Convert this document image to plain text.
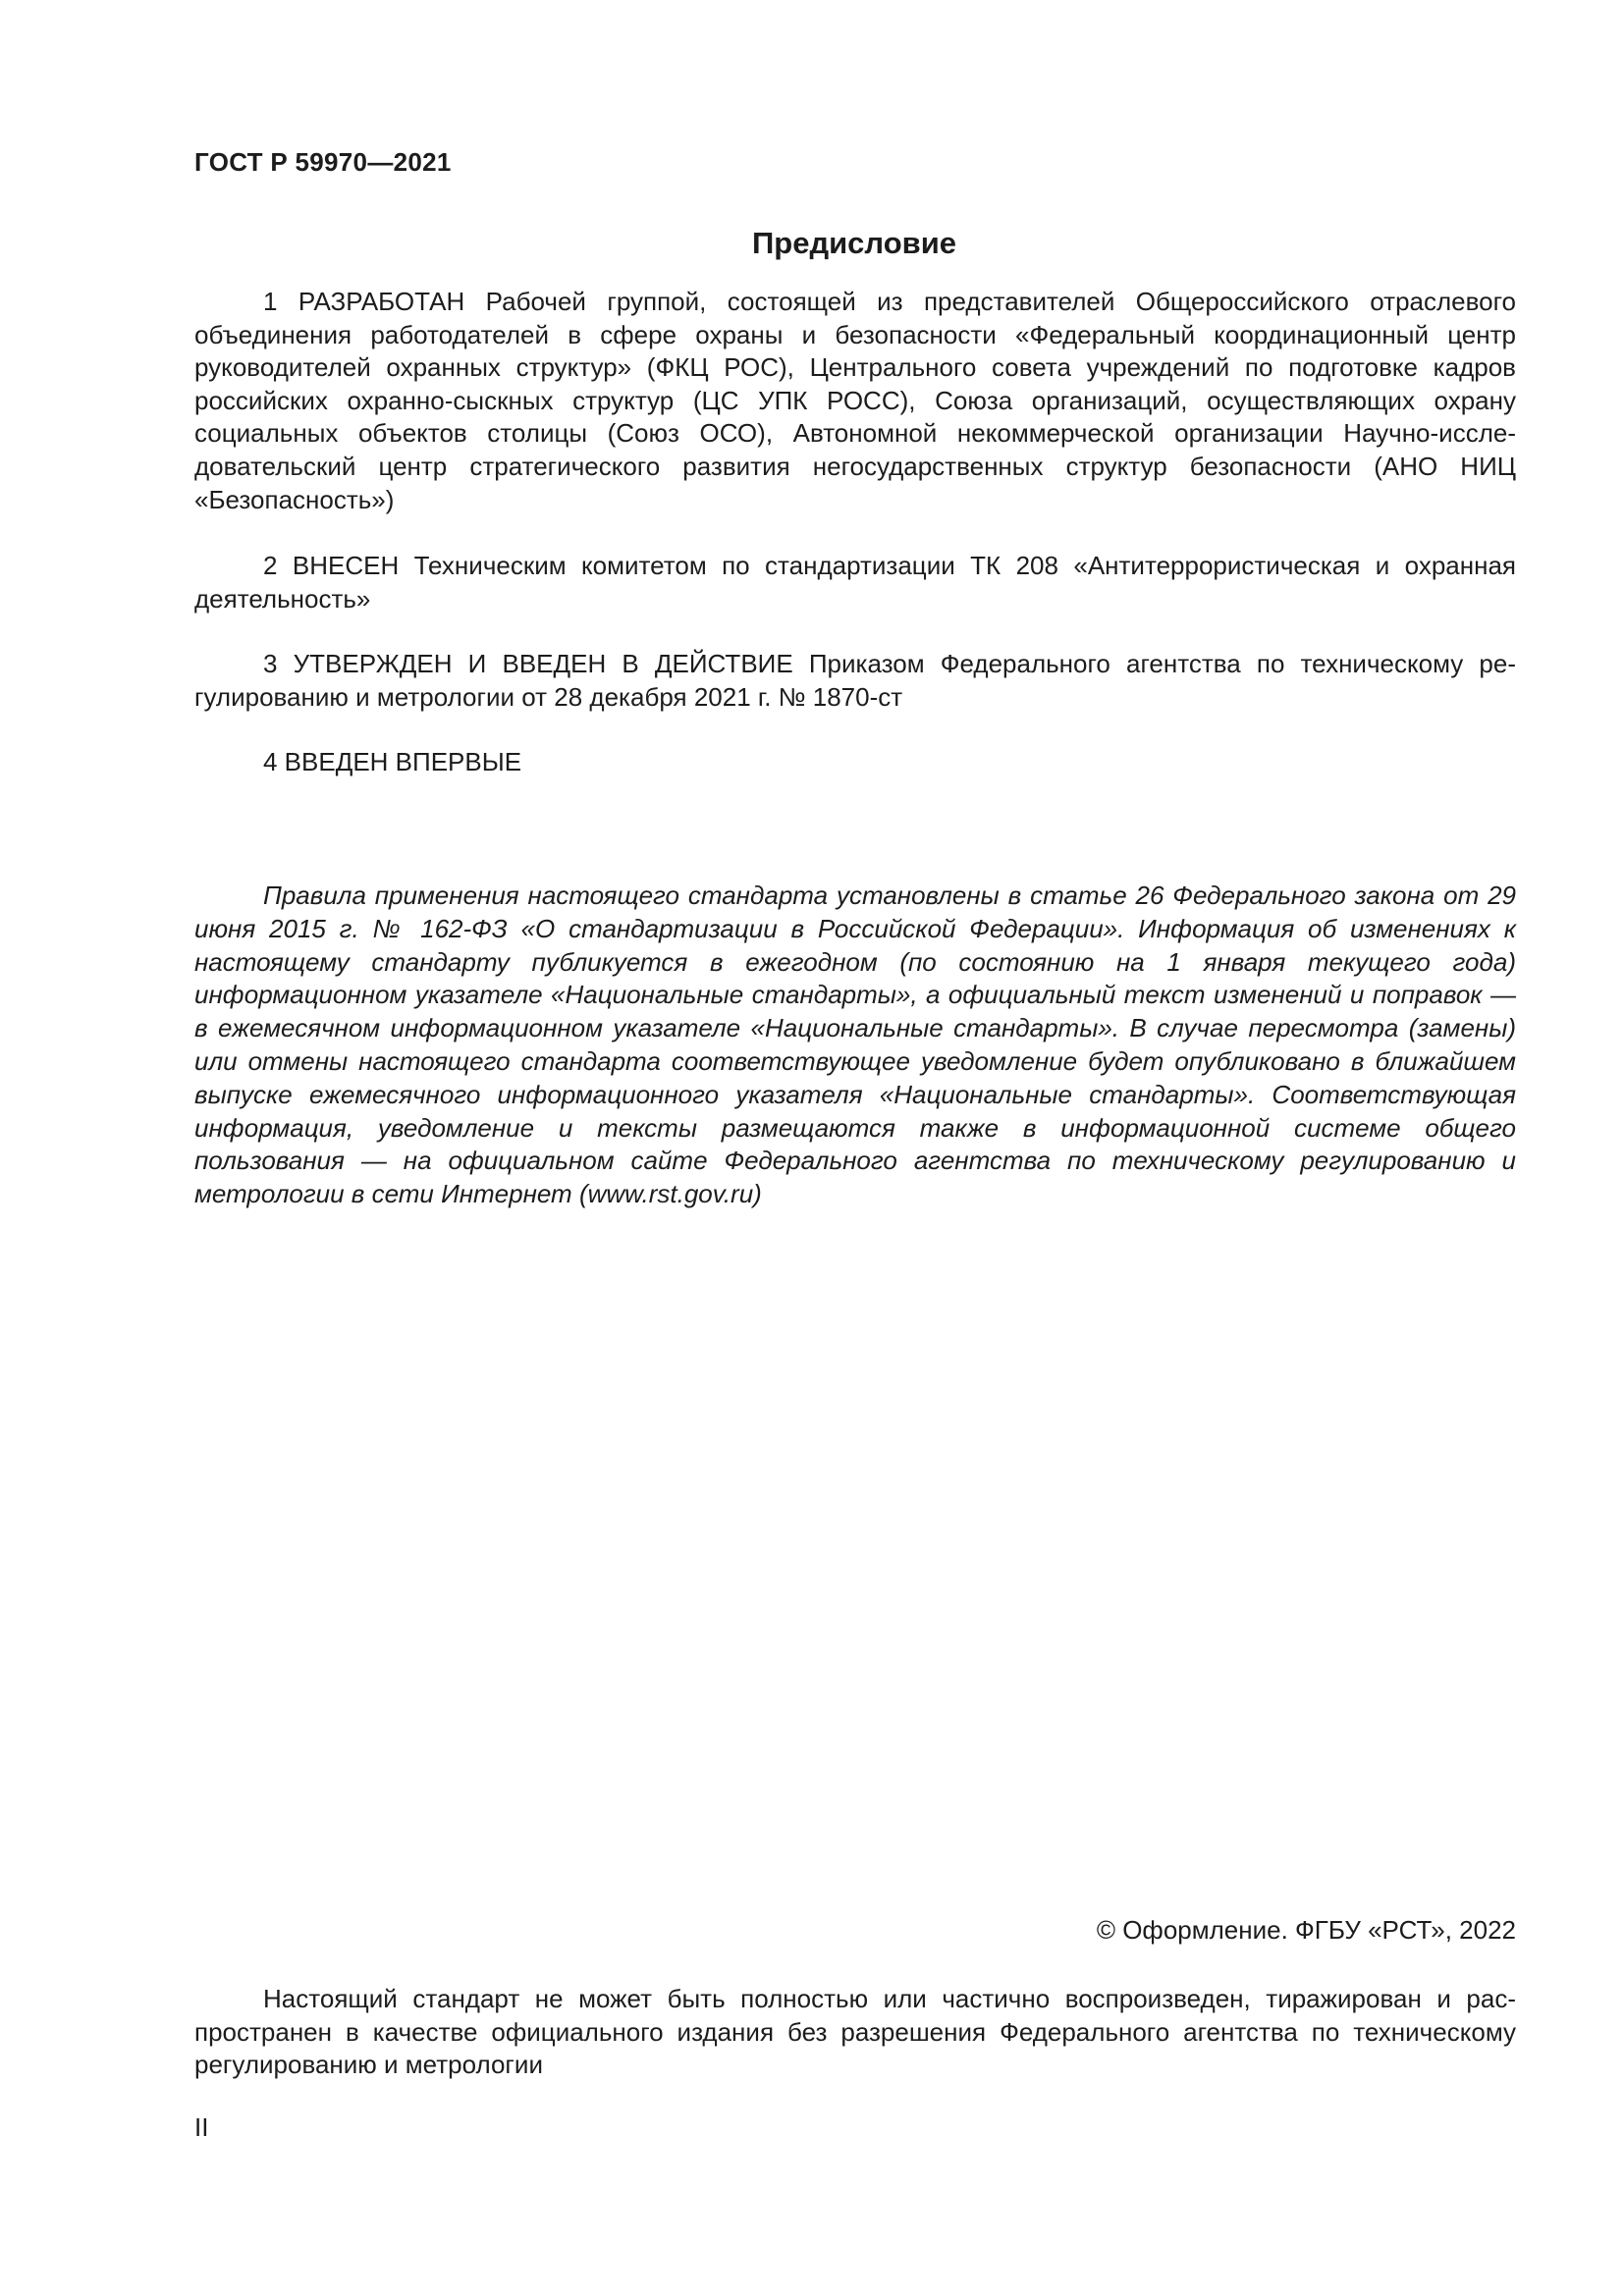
ГОСТ Р 59970—2021
Предисловие

1 РАЗРАБОТАН Рабочей группой, состоящей из представителей Общероссийского отраслевого объединения работодателей в сфере охраны и безопасности «Федеральный координационный центр руководителей охранных структур» (ФКЦ РОС), Центрального совета учреждений по подготовке кадров российских охранно-сыскных структур (ЦС УПК РОСС), Союза организаций, осуществляющих охрану социальных объектов столицы (Союз ОСО), Автономной некоммерческой организации Научно-исследовательский центр стратегического развития негосударственных структур безопасности (АНО НИЦ «Безопасность»)

2 ВНЕСЕН Техническим комитетом по стандартизации ТК 208 «Антитеррористическая и охранная деятельность»

3 УТВЕРЖДЕН И ВВЕДЕН В ДЕЙСТВИЕ Приказом Федерального агентства по техническому регулированию и метрологии от 28 декабря 2021 г. № 1870-ст

4 ВВЕДЕН ВПЕРВЫЕ

Правила применения настоящего стандарта установлены в статье 26 Федерального закона от 29 июня 2015 г. № 162-ФЗ «О стандартизации в Российской Федерации». Информация об изменениях к настоящему стандарту публикуется в ежегодном (по состоянию на 1 января текущего года) информационном указателе «Национальные стандарты», а официальный текст изменений и поправок — в ежемесячном информационном указателе «Национальные стандарты». В случае пересмотра (замены) или отмены настоящего стандарта соответствующее уведомление будет опубликовано в ближайшем выпуске ежемесячного информационного указателя «Национальные стандарты». Соответствующая информация, уведомление и тексты размещаются также в информационной системе общего пользования — на официальном сайте Федерального агентства по техническому регулированию и метрологии в сети Интернет (www.rst.gov.ru)

© Оформление. ФГБУ «РСТ», 2022

Настоящий стандарт не может быть полностью или частично воспроизведен, тиражирован и распространен в качестве официального издания без разрешения Федерального агентства по техническому регулированию и метрологии

II
